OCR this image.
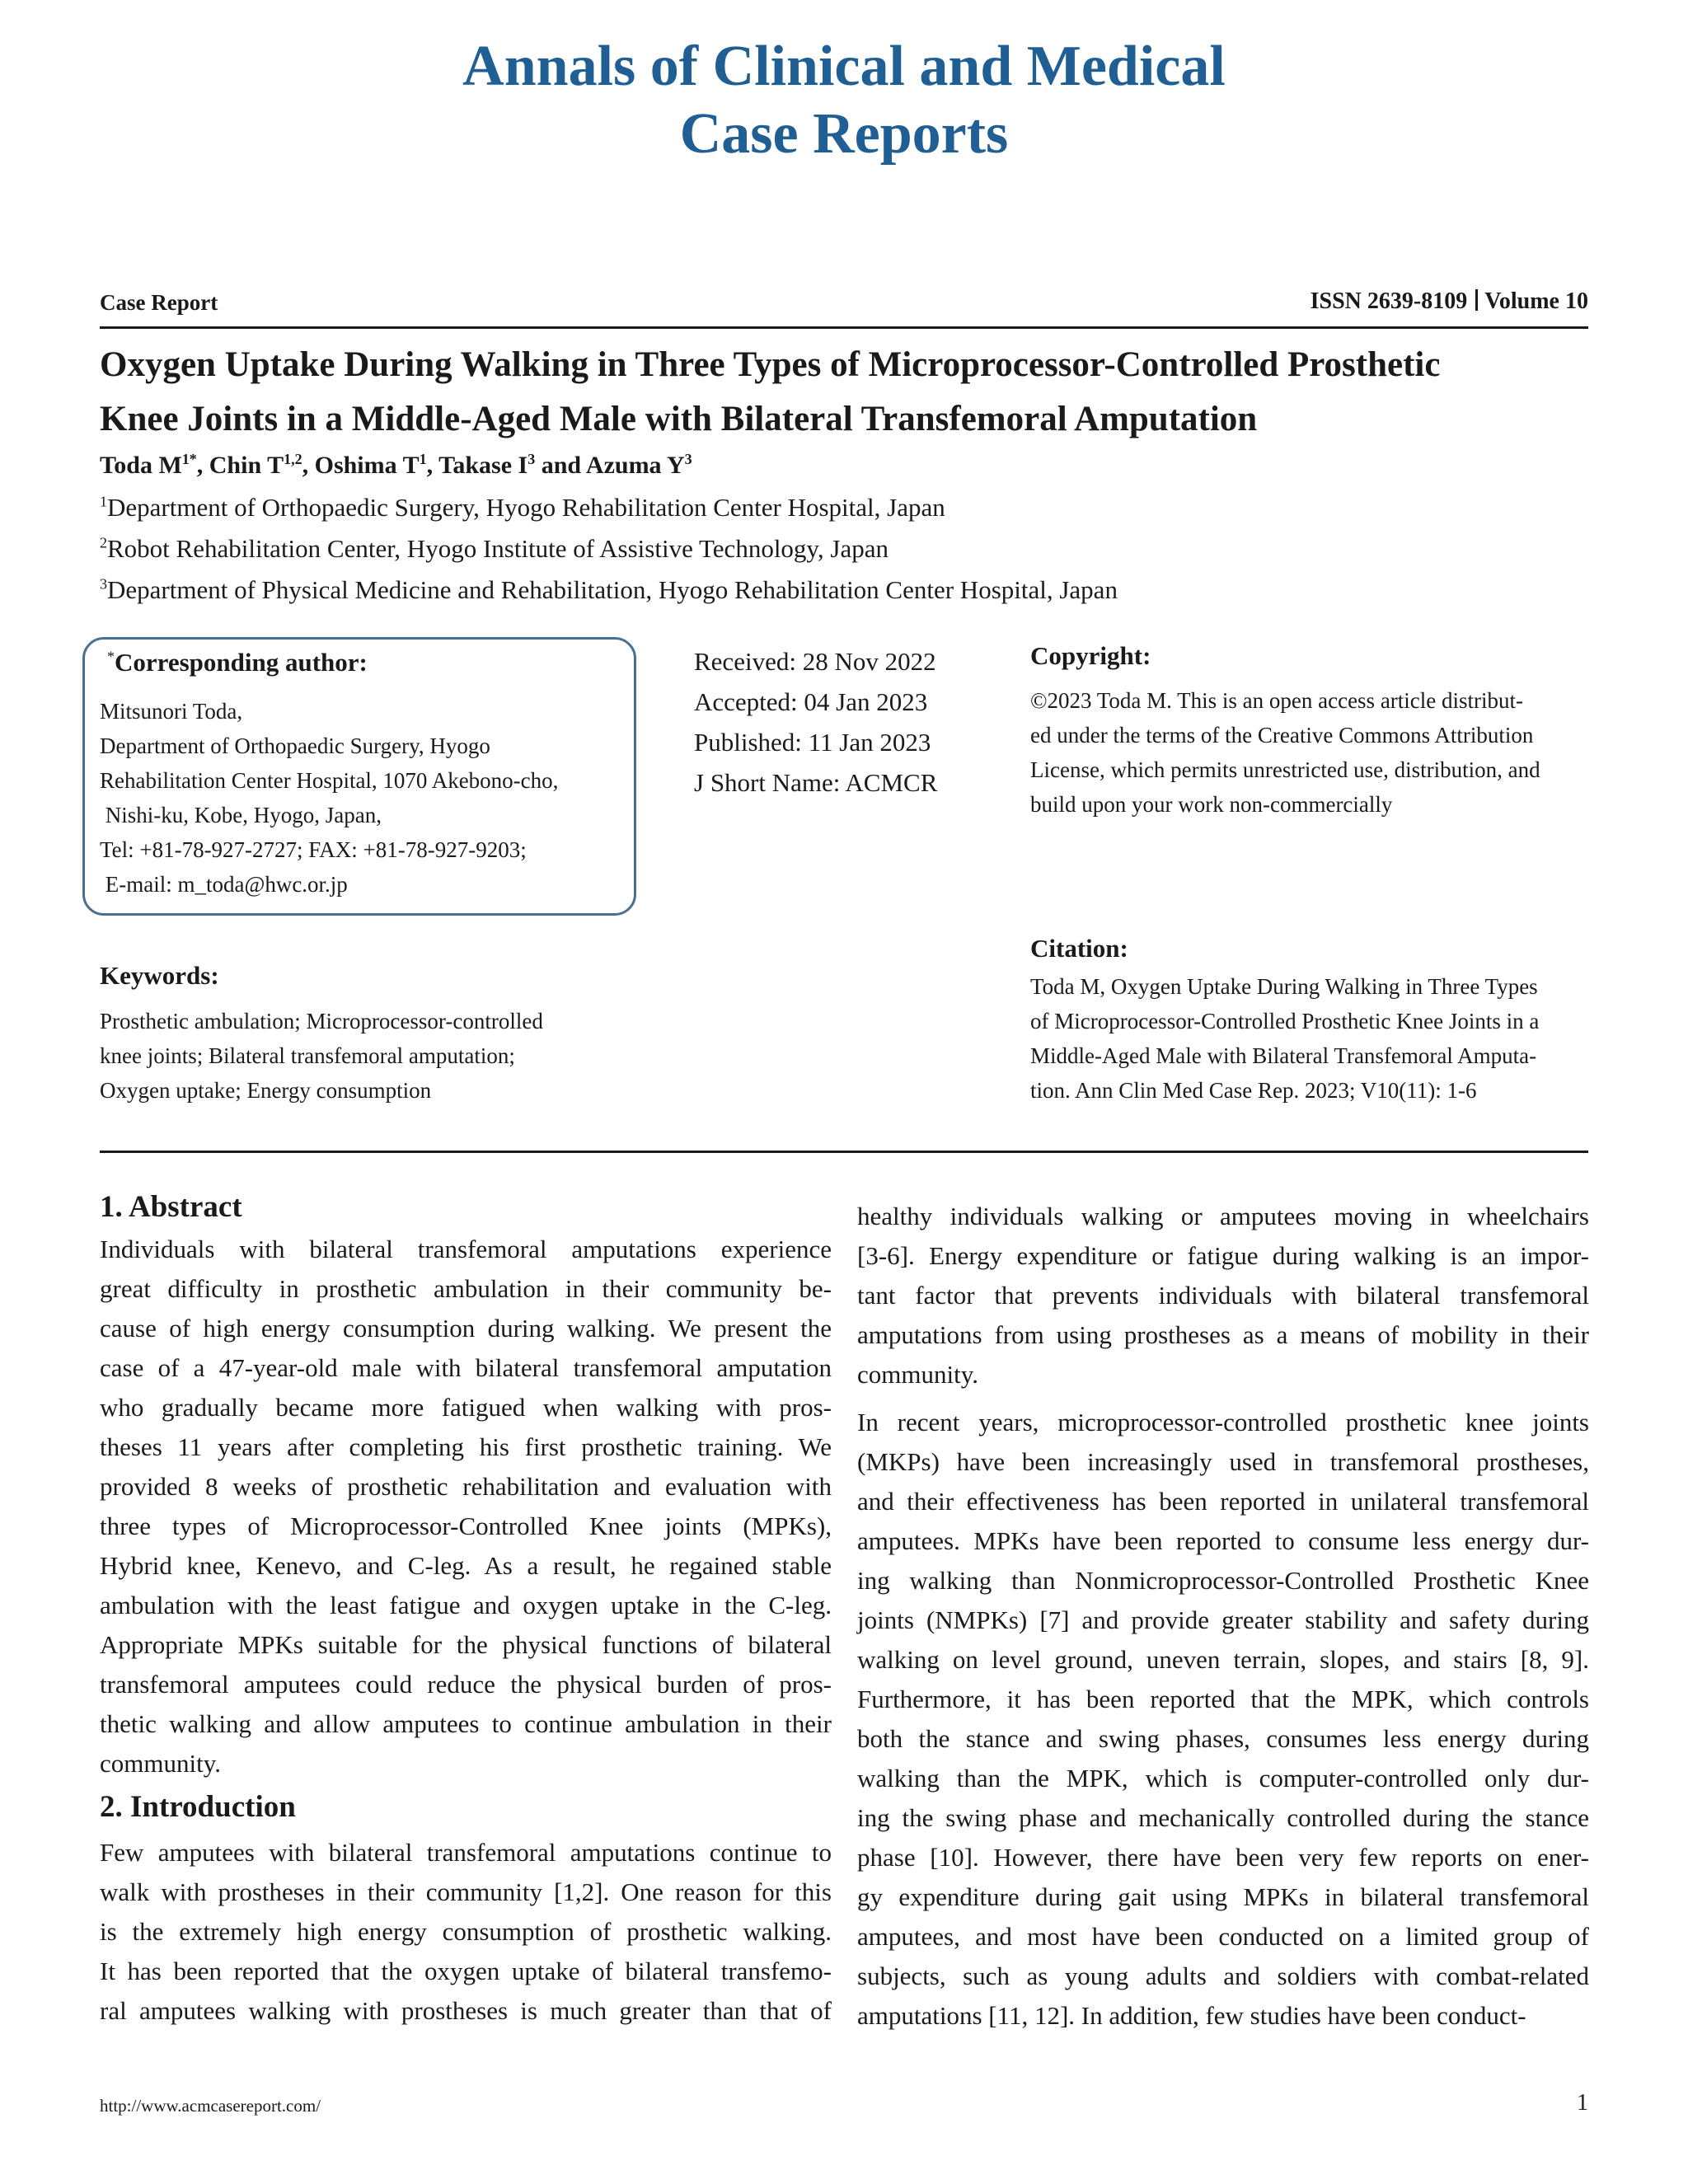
Annals of Clinical and Medical
Case Reports
Case Report	ISSN 2639-8109 Volume 10
Oxygen Uptake During Walking in Three Types of Microprocessor-Controlled Prosthetic
Knee Joints in a Middle-Aged Male with Bilateral Transfemoral Amputation
Toda $M^{1*}$, Chin T$^{1,2}$, Oshima $T^1$, Takase $I^3$ and Azuma $Y^3$
$^1$Department of Orthopaedic Surgery, Hyogo Rehabilitation Center Hospital, Japan
$^2$Robot Rehabilitation Center, Hyogo Institute of Assistive Technology, Japan
$^3$Department of Physical Medicine and Rehabilitation, Hyogo Rehabilitation Center Hospital, Japan
*Corresponding author:
Mitsunori Toda,
Department of Orthopaedic Surgery, Hyogo
Rehabilitation Center Hospital, 1070 Akebono-cho,
Nishi-ku, Kobe, Hyogo, Japan,
Tel: +81-78-927-2727; FAX: +81-78-927-9203;
E-mail: m_toda@hwc.or.jp
Received: 28 Nov 2022
Accepted: 04 Jan 2023
Published: 11 Jan 2023
J Short Name: ACMCR
Copyright:
©2023 Toda M. This is an open access article distribut-
ed under the terms of the Creative Commons Attribution
License, which permits unrestricted use, distribution, and
build upon your work non-commercially
Keywords:
Prosthetic ambulation; Microprocessor-controlled
knee joints; Bilateral transfemoral amputation;
Oxygen uptake; Energy consumption
Citation:
Toda M, Oxygen Uptake During Walking in Three Types
of Microprocessor-Controlled Prosthetic Knee Joints in a
Middle-Aged Male with Bilateral Transfemoral Amputa-
tion. Ann Clin Med Case Rep. 2023; V10(11): 1-6
1. Abstract
Individuals with bilateral transfemoral amputations experience
great difficulty in prosthetic ambulation in their community be-
cause of high energy consumption during walking. We present the
case of a 47-year-old male with bilateral transfemoral amputation
who gradually became more fatigued when walking with pros-
theses 11 years after completing his first prosthetic training. We
provided 8 weeks of prosthetic rehabilitation and evaluation with
three types of Microprocessor-Controlled Knee joints (MPKs),
Hybrid knee, Kenevo, and C-leg. As a result, he regained stable
ambulation with the least fatigue and oxygen uptake in the C-leg.
Appropriate MPKs suitable for the physical functions of bilateral
transfemoral amputees could reduce the physical burden of pros-
thetic walking and allow amputees to continue ambulation in their
community.
2. Introduction
Few amputees with bilateral transfemoral amputations continue to
walk with prostheses in their community [1,2]. One reason for this
is the extremely high energy consumption of prosthetic walking.
It has been reported that the oxygen uptake of bilateral transfemo-
ral amputees walking with prostheses is much greater than that of
healthy individuals walking or amputees moving in wheelchairs
[3-6]. Energy expenditure or fatigue during walking is an impor-
tant factor that prevents individuals with bilateral transfemoral
amputations from using prostheses as a means of mobility in their
community.
In recent years, microprocessor-controlled prosthetic knee joints
(MKPs) have been increasingly used in transfemoral prostheses,
and their effectiveness has been reported in unilateral transfemoral
amputees. MPKs have been reported to consume less energy dur-
ing walking than Nonmicroprocessor-Controlled Prosthetic Knee
joints (NMPKs) [7] and provide greater stability and safety during
walking on level ground, uneven terrain, slopes, and stairs [8, 9].
Furthermore, it has been reported that the MPK, which controls
both the stance and swing phases, consumes less energy during
walking than the MPK, which is computer-controlled only dur-
ing the swing phase and mechanically controlled during the stance
phase [10]. However, there have been very few reports on ener-
gy expenditure during gait using MPKs in bilateral transfemoral
amputees, and most have been conducted on a limited group of
subjects, such as young adults and soldiers with combat-related
amputations [11, 12]. In addition, few studies have been conduct-
http://www.acmcasereport.com/	1
